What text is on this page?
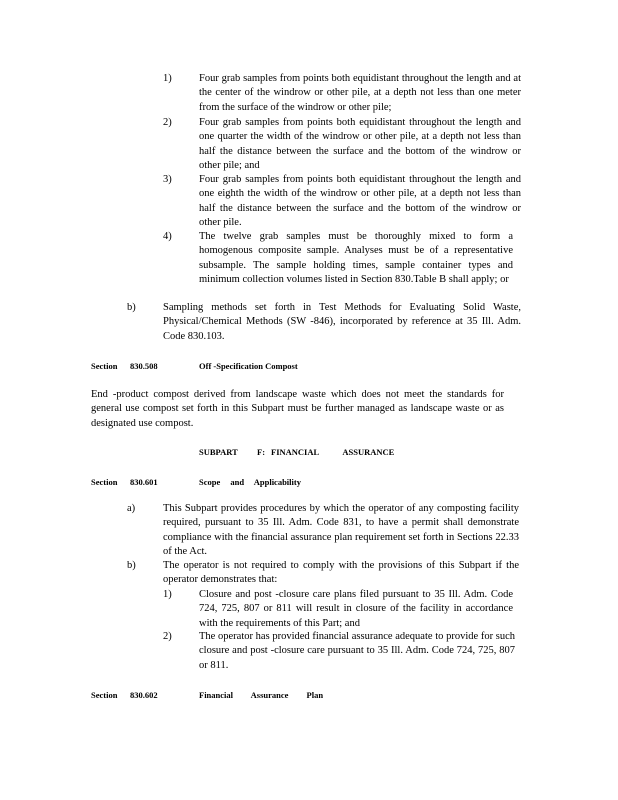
1)	Four grab samples from points both equidistant throughout the length and at the center of the windrow or other pile, at a depth not less than one meter from the surface of the windrow or other pile;
2)	Four grab samples from points both equidistant throughout the length and one quarter the width of the windrow or other pile, at a depth not less than half the distance between the surface and the bottom of the windrow or other pile; and
3)	Four grab samples from points both equidistant throughout the length and one eighth the width of the windrow or other pile, at a depth not less than half the distance between the surface and the bottom of the windrow or other pile.
4)	The twelve grab samples must be thoroughly mixed to form a homogenous composite sample. Analyses must be of a representative subsample. The sample holding times, sample container types and minimum collection volumes listed in Section 830.Table B shall apply; or
b)	Sampling methods set forth in Test Methods for Evaluating Solid Waste, Physical/Chemical Methods (SW -846), incorporated by reference at 35 Ill. Adm. Code 830.103.
Section 830.508	Off -Specification Compost
End -product compost derived from landscape waste which does not meet the standards for general use compost set forth in this Subpart must be further managed as landscape waste or as designated use compost.
SUBPART F: FINANCIAL ASSURANCE
Section 830.601	Scope and Applicability
a)	This Subpart provides procedures by which the operator of any composting facility required, pursuant to 35 Ill. Adm. Code 831, to have a permit shall demonstrate compliance with the financial assurance plan requirement set forth in Sections 22.33 of the Act.
b)	The operator is not required to comply with the provisions of this Subpart if the operator demonstrates that:
1)	Closure and post -closure care plans filed pursuant to 35 Ill. Adm. Code 724, 725, 807 or 811 will result in closure of the facility in accordance with the requirements of this Part; and
2)	The operator has provided financial assurance adequate to provide for such closure and post -closure care pursuant to 35 Ill. Adm. Code 724, 725, 807 or 811.
Section 830.602	Financial Assurance Plan
